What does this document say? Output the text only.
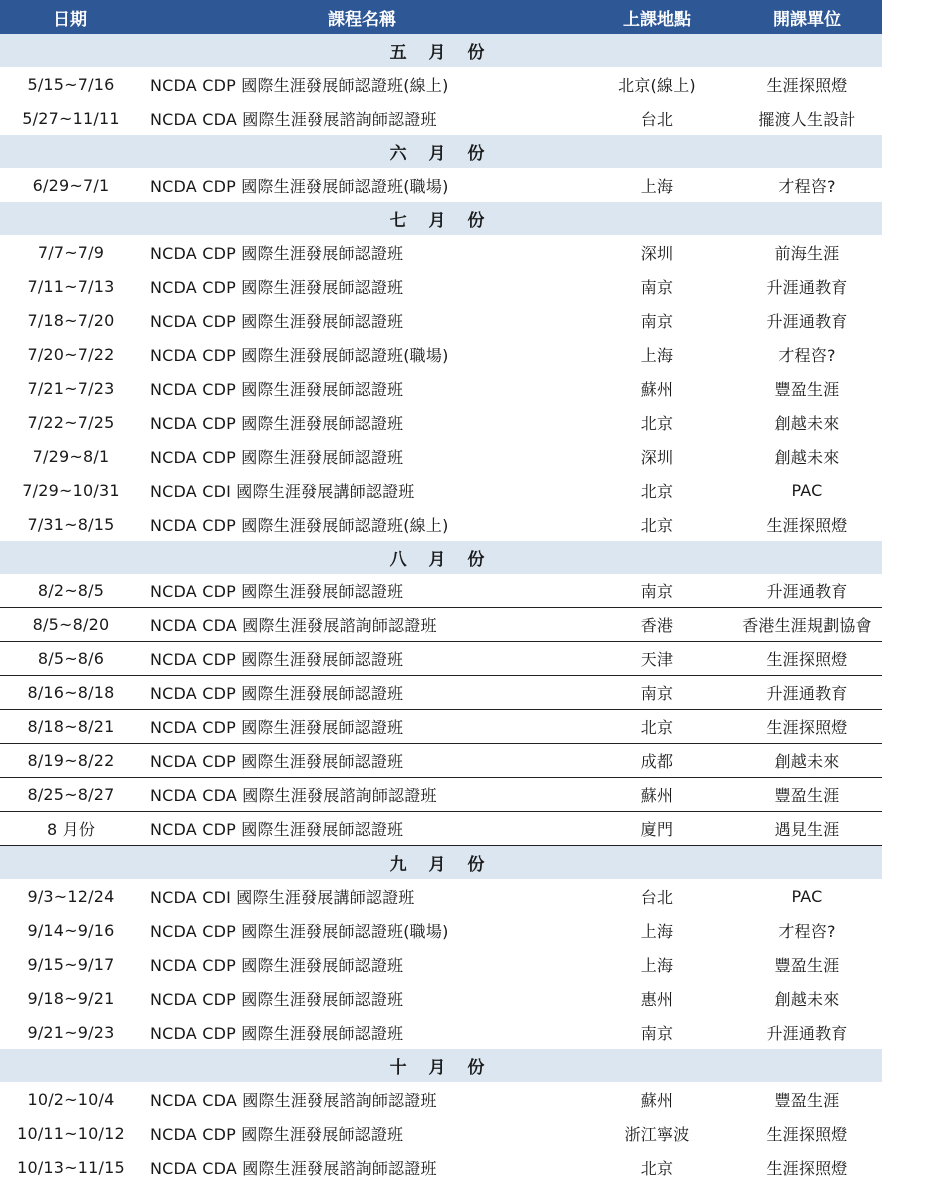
日期	課程名稱	上課地點	開課單位
五 月 份
5/15~7/16	NCDA CDP 國際生涯發展師認證班(線上)	北京(線上)	生涯探照燈
5/27~11/11	NCDA CDA 國際生涯發展諮詢師認證班	台北	擺渡人生設計
六 月 份
6/29~7/1	NCDA CDP 國際生涯發展師認證班(職場)	上海	才程咨?
七 月 份
7/7~7/9	NCDA CDP 國際生涯發展師認證班	深圳	前海生涯
7/11~7/13	NCDA CDP 國際生涯發展師認證班	南京	升涯通教育
7/18~7/20	NCDA CDP 國際生涯發展師認證班	南京	升涯通教育
7/20~7/22	NCDA CDP 國際生涯發展師認證班(職場)	上海	才程咨?
7/21~7/23	NCDA CDP 國際生涯發展師認證班	蘇州	豐盈生涯
7/22~7/25	NCDA CDP 國際生涯發展師認證班	北京	創越未來
7/29~8/1	NCDA CDP 國際生涯發展師認證班	深圳	創越未來
7/29~10/31	NCDA CDI 國際生涯發展講師認證班	北京	PAC
7/31~8/15	NCDA CDP 國際生涯發展師認證班(線上)	北京	生涯探照燈
八 月 份
8/2~8/5	NCDA CDP 國際生涯發展師認證班	南京	升涯通教育
8/5~8/20	NCDA CDA 國際生涯發展諮詢師認證班	香港	香港生涯規劃協會
8/5~8/6	NCDA CDP 國際生涯發展師認證班	天津	生涯探照燈
8/16~8/18	NCDA CDP 國際生涯發展師認證班	南京	升涯通教育
8/18~8/21	NCDA CDP 國際生涯發展師認證班	北京	生涯探照燈
8/19~8/22	NCDA CDP 國際生涯發展師認證班	成都	創越未來
8/25~8/27	NCDA CDA 國際生涯發展諮詢師認證班	蘇州	豐盈生涯
8 月份	NCDA CDP 國際生涯發展師認證班	廈門	遇見生涯
九 月 份
9/3~12/24	NCDA CDI 國際生涯發展講師認證班	台北	PAC
9/14~9/16	NCDA CDP 國際生涯發展師認證班(職場)	上海	才程咨?
9/15~9/17	NCDA CDP 國際生涯發展師認證班	上海	豐盈生涯
9/18~9/21	NCDA CDP 國際生涯發展師認證班	惠州	創越未來
9/21~9/23	NCDA CDP 國際生涯發展師認證班	南京	升涯通教育
十 月 份
10/2~10/4	NCDA CDA 國際生涯發展諮詢師認證班	蘇州	豐盈生涯
10/11~10/12	NCDA CDP 國際生涯發展師認證班	浙江寧波	生涯探照燈
10/13~11/15	NCDA CDA 國際生涯發展諮詢師認證班	北京	生涯探照燈
